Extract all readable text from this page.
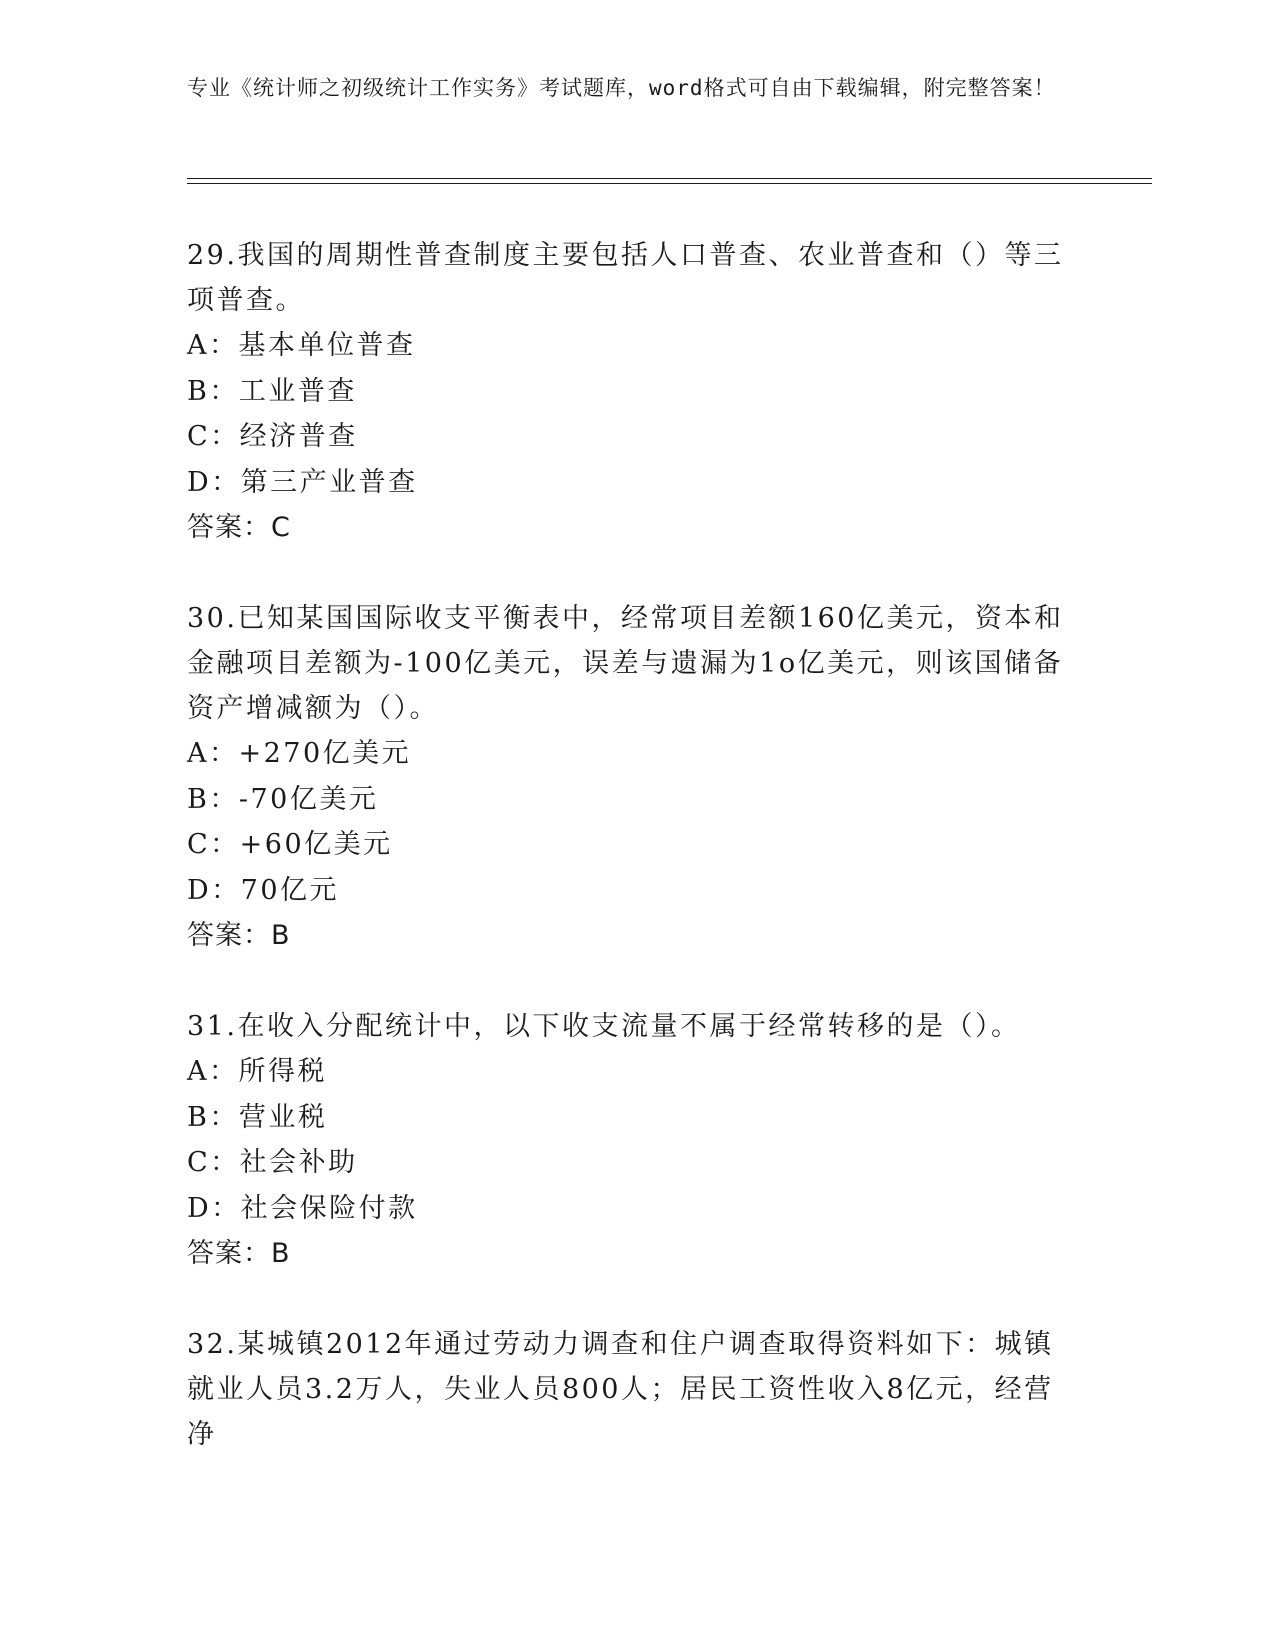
专业《统计师之初级统计工作实务》考试题库，word格式可自由下载编辑，附完整答案！
29.我国的周期性普查制度主要包括人口普查、农业普查和（）等三项普查。
A：基本单位普查
B：工业普查
C：经济普查
D：第三产业普查
答案：C
30.已知某国国际收支平衡表中，经常项目差额160亿美元，资本和金融项目差额为-100亿美元，误差与遗漏为1o亿美元，则该国储备资产增减额为（）。
A：+270亿美元
B：-70亿美元
C：+60亿美元
D：70亿元
答案：B
31.在收入分配统计中，以下收支流量不属于经常转移的是（）。
A：所得税
B：营业税
C：社会补助
D：社会保险付款
答案：B
32.某城镇2012年通过劳动力调查和住户调查取得资料如下：城镇就业人员3.2万人，失业人员800人；居民工资性收入8亿元，经营净
